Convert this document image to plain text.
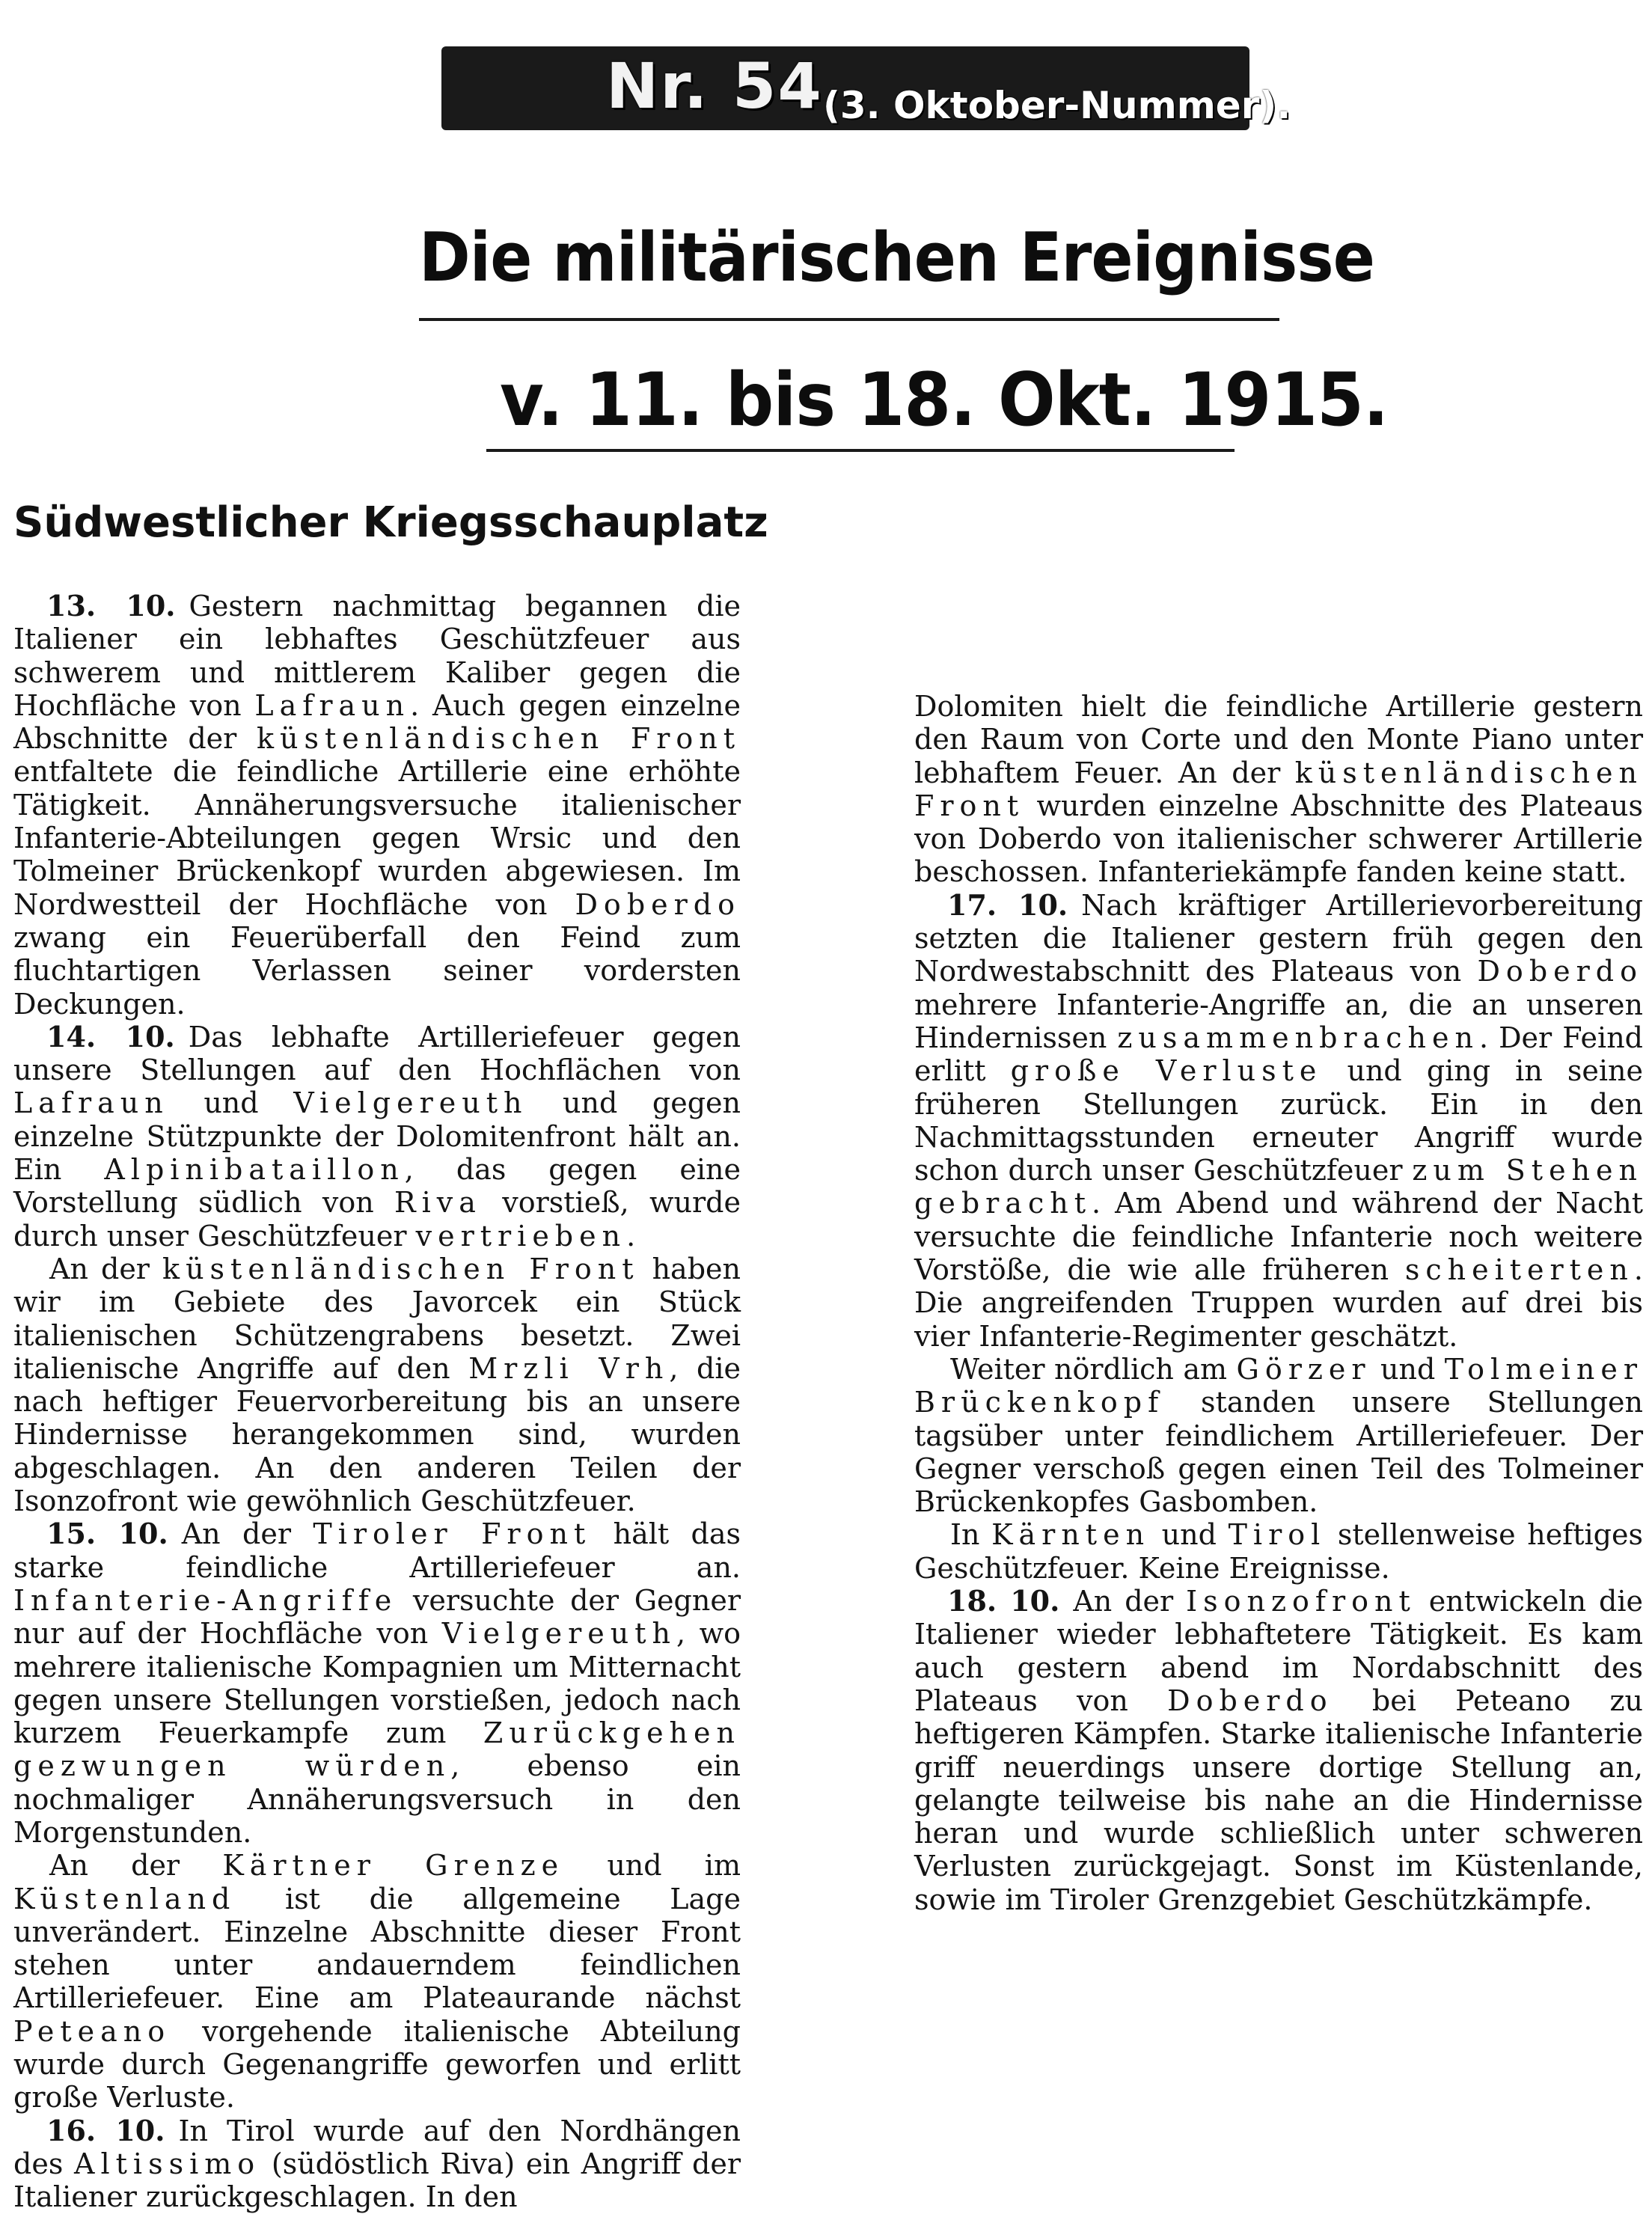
Nr. 54 (3. Oktober-Nummer).
Die militärischen Ereignisse
v. 11. bis 18. Okt. 1915.
Südwestlicher Kriegsschauplatz

13. 10. Gestern nachmittag begannen die Italiener ein lebhaftes Geschützfeuer aus schwerem und mittlerem Kaliber gegen die Hochfläche von Lafraun. Auch gegen einzelne Abschnitte der küstenländischen Front entfaltete die feindliche Artillerie eine erhöhte Tätigkeit. Annäherungsversuche italienischer Infanterie-Abteilungen gegen Wrsic und den Tolmeiner Brückenkopf wurden abgewiesen. Im Nordwestteil der Hochfläche von Doberdo zwang ein Feuerüberfall den Feind zum fluchtartigen Verlassen seiner vordersten Deckungen.

14. 10. Das lebhafte Artilleriefeuer gegen unsere Stellungen auf den Hochflächen von Lafraun und Vielgereuth und gegen einzelne Stützpunkte der Dolomitenfront hält an. Ein Alpinibataillon, das gegen eine Vorstellung südlich von Riva vorstieß, wurde durch unser Geschützfeuer vertrieben.

An der küstenländischen Front haben wir im Gebiete des Javorcek ein Stück italienischen Schützengrabens besetzt. Zwei italienische Angriffe auf den Mrzli Vrh, die nach heftiger Feuervorbereitung bis an unsere Hindernisse herangekommen sind, wurden abgeschlagen. An den anderen Teilen der Isonzofront wie gewöhnlich Geschützfeuer.

15. 10. An der Tiroler Front hält das starke feindliche Artilleriefeuer an. Infanterie-Angriffe versuchte der Gegner nur auf der Hochfläche von Vielgereuth, wo mehrere italienische Kompagnien um Mitternacht gegen unsere Stellungen vorstießen, jedoch nach kurzem Feuerkampfe zum Zurückgehen gezwungen würden, ebenso ein nochmaliger Annäherungsversuch in den Morgenstunden.

An der Kärtner Grenze und im Küstenland ist die allgemeine Lage unverändert. Einzelne Abschnitte dieser Front stehen unter andauerndem feindlichen Artilleriefeuer. Eine am Plateaurande nächst Peteano vorgehende italienische Abteilung wurde durch Gegenangriffe geworfen und erlitt große Verluste.

16. 10. In Tirol wurde auf den Nordhängen des Altissimo (südöstlich Riva) ein Angriff der Italiener zurückgeschlagen. In den

Dolomiten hielt die feindliche Artillerie gestern den Raum von Corte und den Monte Piano unter lebhaftem Feuer. An der küstenländischen Front wurden einzelne Abschnitte des Plateaus von Doberdo von italienischer schwerer Artillerie beschossen. Infanteriekämpfe fanden keine statt.

17. 10. Nach kräftiger Artillerievorbereitung setzten die Italiener gestern früh gegen den Nordwestabschnitt des Plateaus von Doberdo mehrere Infanterie-Angriffe an, die an unseren Hindernissen zusammenbrachen. Der Feind erlitt große Verluste und ging in seine früheren Stellungen zurück. Ein in den Nachmittagsstunden erneuter Angriff wurde schon durch unser Geschützfeuer zum Stehen gebracht. Am Abend und während der Nacht versuchte die feindliche Infanterie noch weitere Vorstöße, die wie alle früheren scheiterten. Die angreifenden Truppen wurden auf drei bis vier Infanterie-Regimenter geschätzt.

Weiter nördlich am Görzer und Tolmeiner Brückenkopf standen unsere Stellungen tagsüber unter feindlichem Artilleriefeuer. Der Gegner verschoß gegen einen Teil des Tolmeiner Brückenkopfes Gasbomben.

In Kärnten und Tirol stellenweise heftiges Geschützfeuer. Keine Ereignisse.

18. 10. An der Isonzofront entwickeln die Italiener wieder lebhaftetere Tätigkeit. Es kam auch gestern abend im Nordabschnitt des Plateaus von Doberdo bei Peteano zu heftigeren Kämpfen. Starke italienische Infanterie griff neuerdings unsere dortige Stellung an, gelangte teilweise bis nahe an die Hindernisse heran und wurde schließlich unter schweren Verlusten zurückgejagt. Sonst im Küstenlande, sowie im Tiroler Grenzgebiet Geschützkämpfe.
